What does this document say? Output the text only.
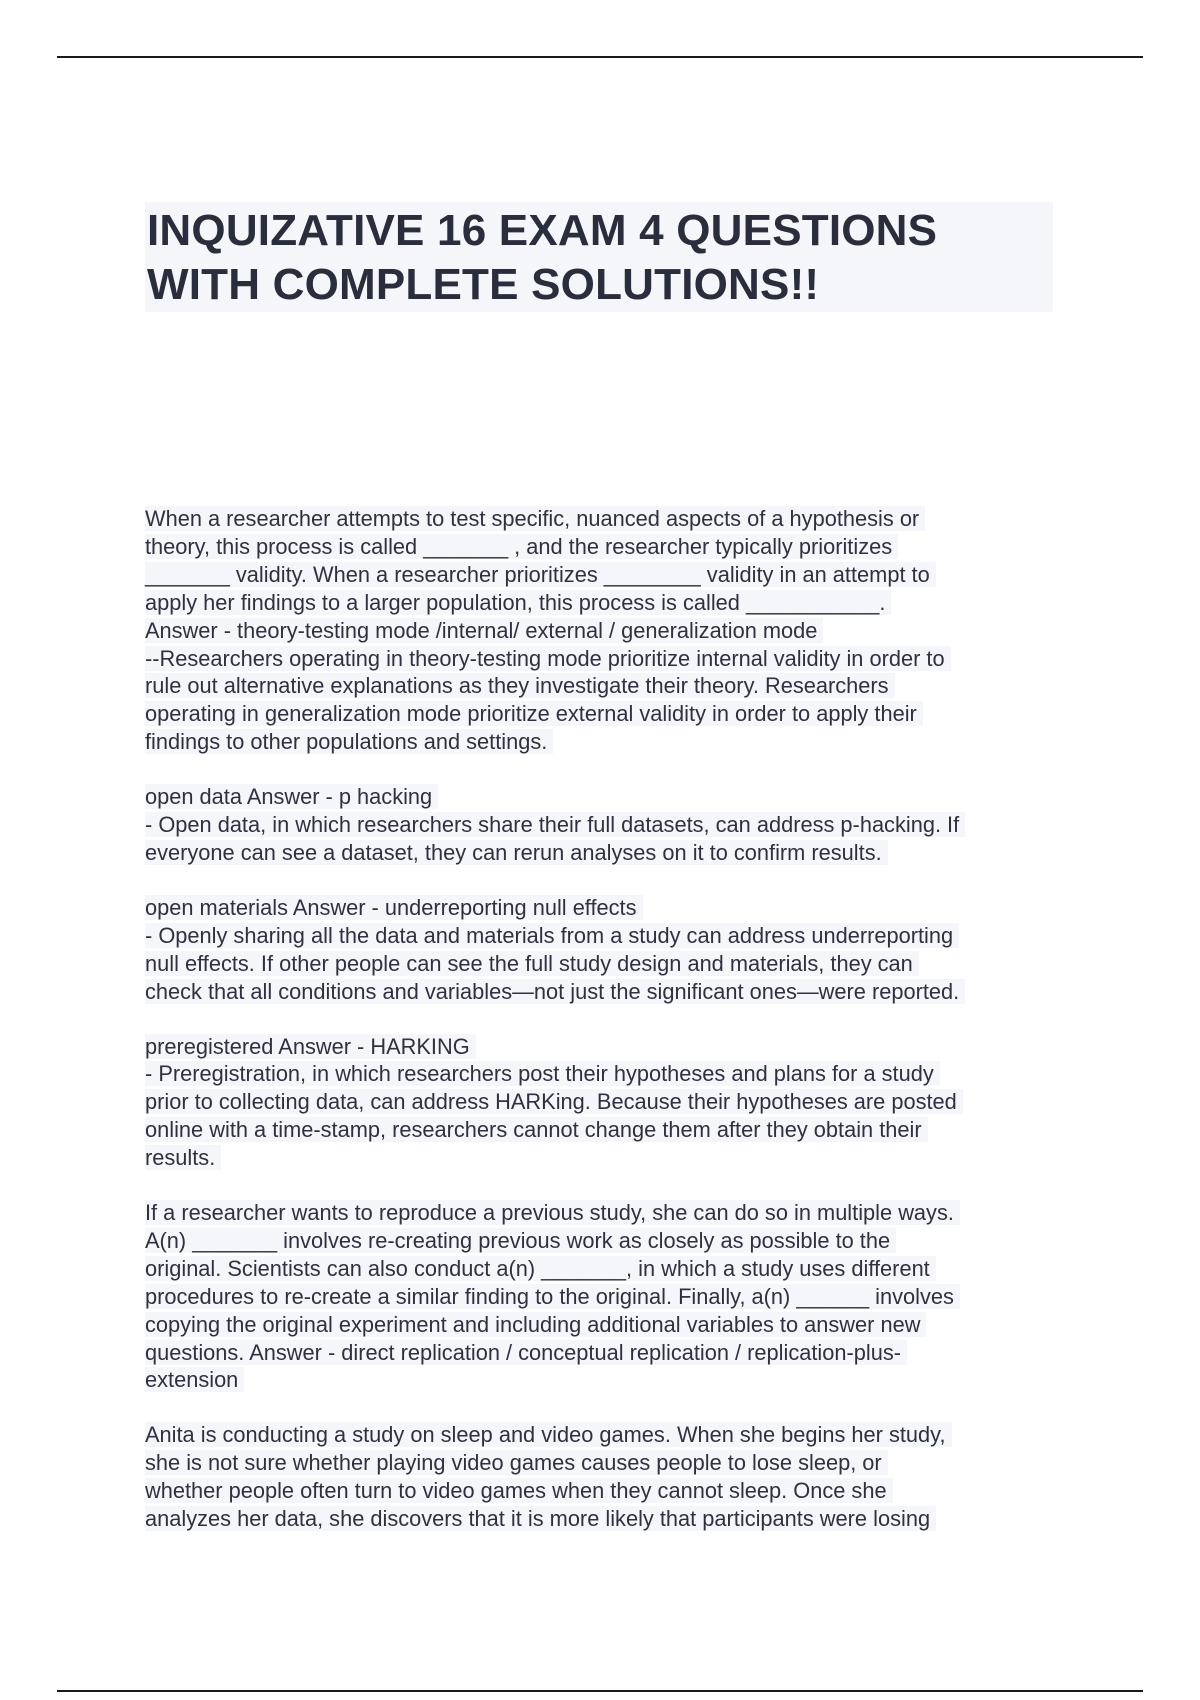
INQUIZATIVE 16 EXAM 4 QUESTIONS
WITH COMPLETE SOLUTIONS!!
When a researcher attempts to test specific, nuanced aspects of a hypothesis or
theory, this process is called _______ , and the researcher typically prioritizes
_______ validity. When a researcher prioritizes ________ validity in an attempt to
apply her findings to a larger population, this process is called ___________.
Answer - theory-testing mode /internal/ external / generalization mode
--Researchers operating in theory-testing mode prioritize internal validity in order to
rule out alternative explanations as they investigate their theory. Researchers
operating in generalization mode prioritize external validity in order to apply their
findings to other populations and settings.
open data Answer - p hacking
- Open data, in which researchers share their full datasets, can address p-hacking. If
everyone can see a dataset, they can rerun analyses on it to confirm results.
open materials Answer - underreporting null effects
- Openly sharing all the data and materials from a study can address underreporting
null effects. If other people can see the full study design and materials, they can
check that all conditions and variables—not just the significant ones—were reported.
preregistered Answer - HARKING
- Preregistration, in which researchers post their hypotheses and plans for a study
prior to collecting data, can address HARKing. Because their hypotheses are posted
online with a time-stamp, researchers cannot change them after they obtain their
results.
If a researcher wants to reproduce a previous study, she can do so in multiple ways.
A(n) _______ involves re-creating previous work as closely as possible to the
original. Scientists can also conduct a(n) _______, in which a study uses different
procedures to re-create a similar finding to the original. Finally, a(n) ______ involves
copying the original experiment and including additional variables to answer new
questions. Answer - direct replication / conceptual replication / replication-plus-
extension
Anita is conducting a study on sleep and video games. When she begins her study,
she is not sure whether playing video games causes people to lose sleep, or
whether people often turn to video games when they cannot sleep. Once she
analyzes her data, she discovers that it is more likely that participants were losing
